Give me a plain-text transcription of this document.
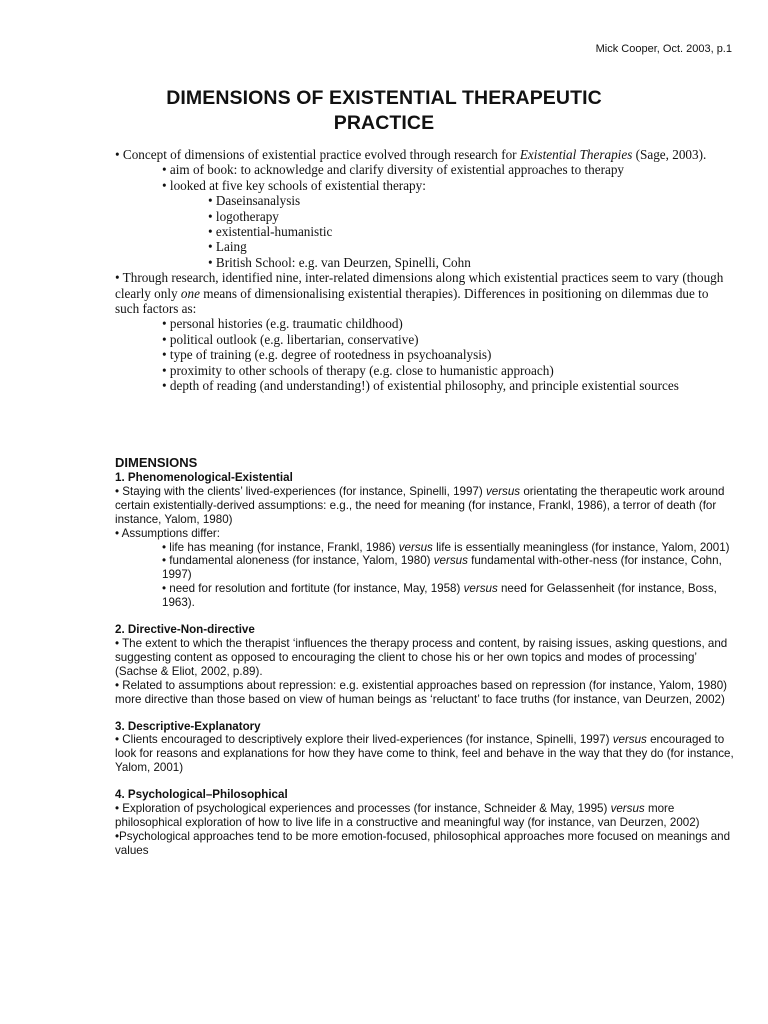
Mick Cooper, Oct. 2003, p.1
DIMENSIONS OF EXISTENTIAL THERAPEUTIC
PRACTICE

• Concept of dimensions of existential practice evolved through research for Existential Therapies (Sage, 2003).

• aim of book: to acknowledge and clarify diversity of existential approaches to therapy

• looked at five key schools of existential therapy:

• Daseinsanalysis

• logotherapy

• existential-humanistic

• Laing

• British School: e.g. van Deurzen, Spinelli, Cohn

• Through research, identified nine, inter-related dimensions along which existential practices seem to vary (though clearly only one means of dimensionalising existential therapies). Differences in positioning on dilemmas due to such factors as:

• personal histories (e.g. traumatic childhood)

• political outlook (e.g. libertarian, conservative)

• type of training (e.g. degree of rootedness in psychoanalysis)

• proximity to other schools of therapy (e.g. close to humanistic approach)

• depth of reading (and understanding!) of existential philosophy, and principle existential sources

DIMENSIONS

1. Phenomenological-Existential

• Staying with the clients’ lived-experiences (for instance, Spinelli, 1997) versus orientating the therapeutic work around certain existentially-derived assumptions: e.g., the need for meaning (for instance, Frankl, 1986), a terror of death (for instance, Yalom, 1980)

• Assumptions differ:

• life has meaning (for instance, Frankl, 1986) versus life is essentially meaningless (for instance, Yalom, 2001)

• fundamental aloneness (for instance, Yalom, 1980) versus fundamental with-other-ness (for instance, Cohn, 1997)

• need for resolution and fortitute (for instance, May, 1958) versus need for Gelassenheit (for instance, Boss, 1963).

2. Directive-Non-directive

• The extent to which the therapist ‘influences the therapy process and content, by raising issues, asking questions, and suggesting content as opposed to encouraging the client to chose his or her own topics and modes of processing’ (Sachse & Eliot, 2002, p.89).

• Related to assumptions about repression: e.g. existential approaches based on repression (for instance, Yalom, 1980) more directive than those based on view of human beings as ‘reluctant’ to face truths (for instance, van Deurzen, 2002)

3. Descriptive-Explanatory

• Clients encouraged to descriptively explore their lived-experiences (for instance, Spinelli, 1997) versus encouraged to look for reasons and explanations for how they have come to think, feel and behave in the way that they do (for instance, Yalom, 2001)

4. Psychological–Philosophical

• Exploration of psychological experiences and processes (for instance, Schneider & May, 1995) versus more philosophical exploration of how to live life in a constructive and meaningful way (for instance, van Deurzen, 2002)

•Psychological approaches tend to be more emotion-focused, philosophical approaches more focused on meanings and values
